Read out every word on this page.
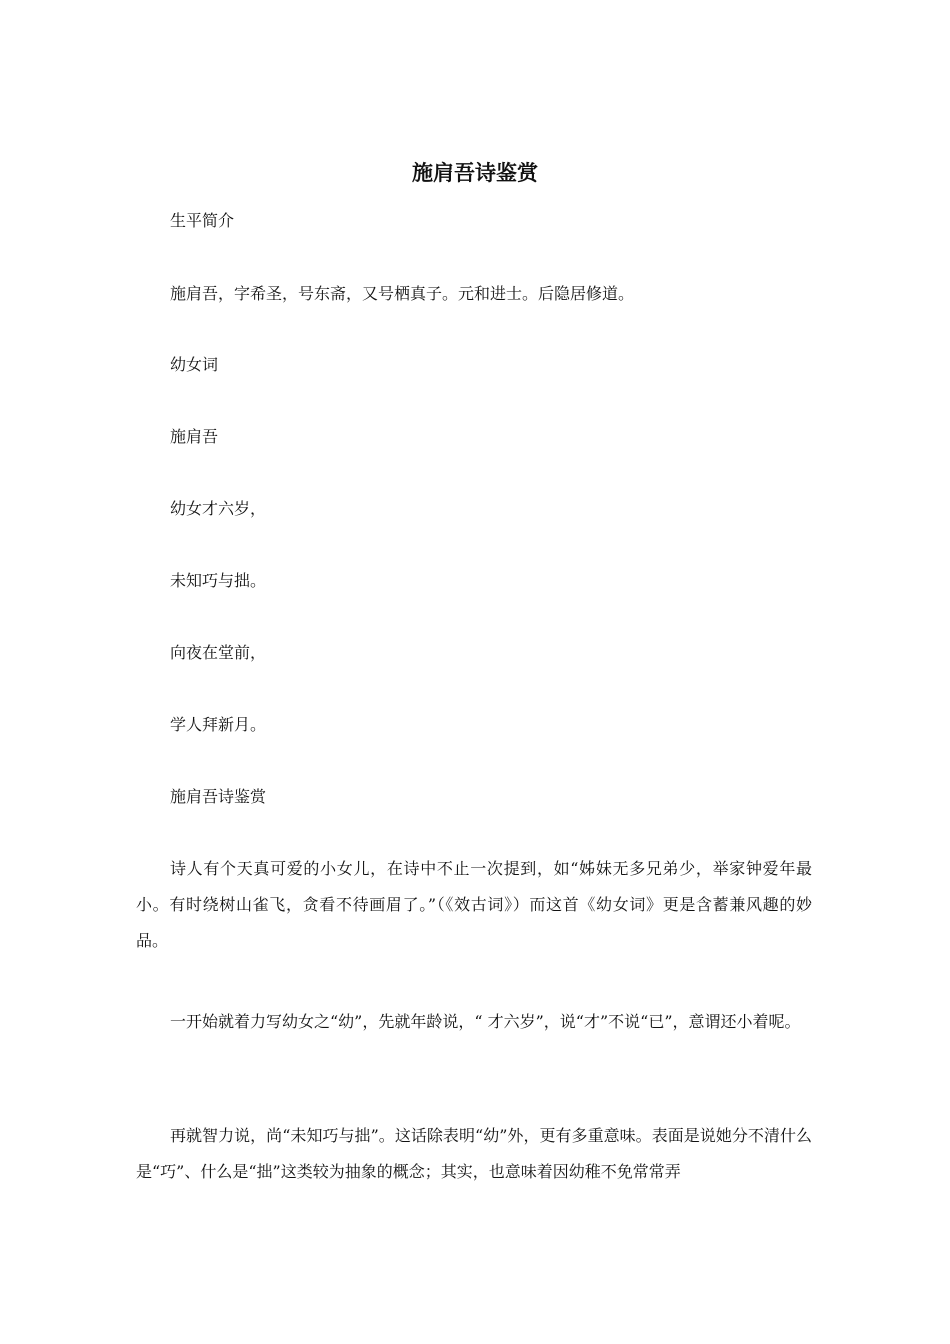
施肩吾诗鉴赏

生平简介

施肩吾，字希圣，号东斋，又号栖真子。元和进士。后隐居修道。

幼女词

施肩吾

幼女才六岁，

未知巧与拙。

向夜在堂前，

学人拜新月。

施肩吾诗鉴赏

诗人有个天真可爱的小女儿，在诗中不止一次提到，如“姊妹无多兄弟少，举家钟爱年最小。有时绕树山雀飞，贪看不待画眉了。”（《效古词》）而这首《幼女词》更是含蓄兼风趣的妙品。

一开始就着力写幼女之“幼”，先就年龄说，“ 才六岁”，说“才”不说“已”，意谓还小着呢。

再就智力说，尚“未知巧与拙”。这话除表明“幼”外，更有多重意味。表面是说她分不清什么是“巧”、什么是“拙”这类较为抽象的概念；其实，也意味着因幼稚不免常常弄
